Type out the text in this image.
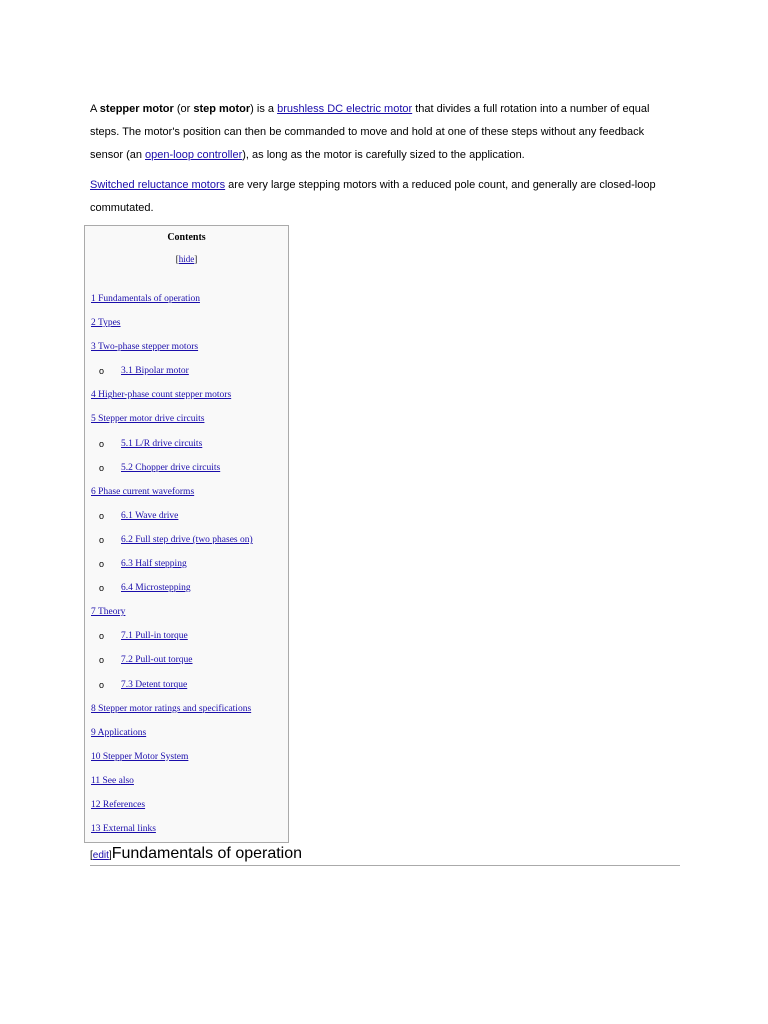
A stepper motor (or step motor) is a brushless DC electric motor that divides a full rotation into a number of equal steps. The motor's position can then be commanded to move and hold at one of these steps without any feedback sensor (an open-loop controller), as long as the motor is carefully sized to the application.

Switched reluctance motors are very large stepping motors with a reduced pole count, and generally are closed-loop commutated.

Contents
[hide]
1 Fundamentals of operation
2 Types
3 Two-phase stepper motors
o 3.1 Bipolar motor
4 Higher-phase count stepper motors
5 Stepper motor drive circuits
o 5.1 L/R drive circuits
o 5.2 Chopper drive circuits
6 Phase current waveforms
o 6.1 Wave drive
o 6.2 Full step drive (two phases on)
o 6.3 Half stepping
o 6.4 Microstepping
7 Theory
o 7.1 Pull-in torque
o 7.2 Pull-out torque
o 7.3 Detent torque
8 Stepper motor ratings and specifications
9 Applications
10 Stepper Motor System
11 See also
12 References
13 External links
[edit]Fundamentals of operation
